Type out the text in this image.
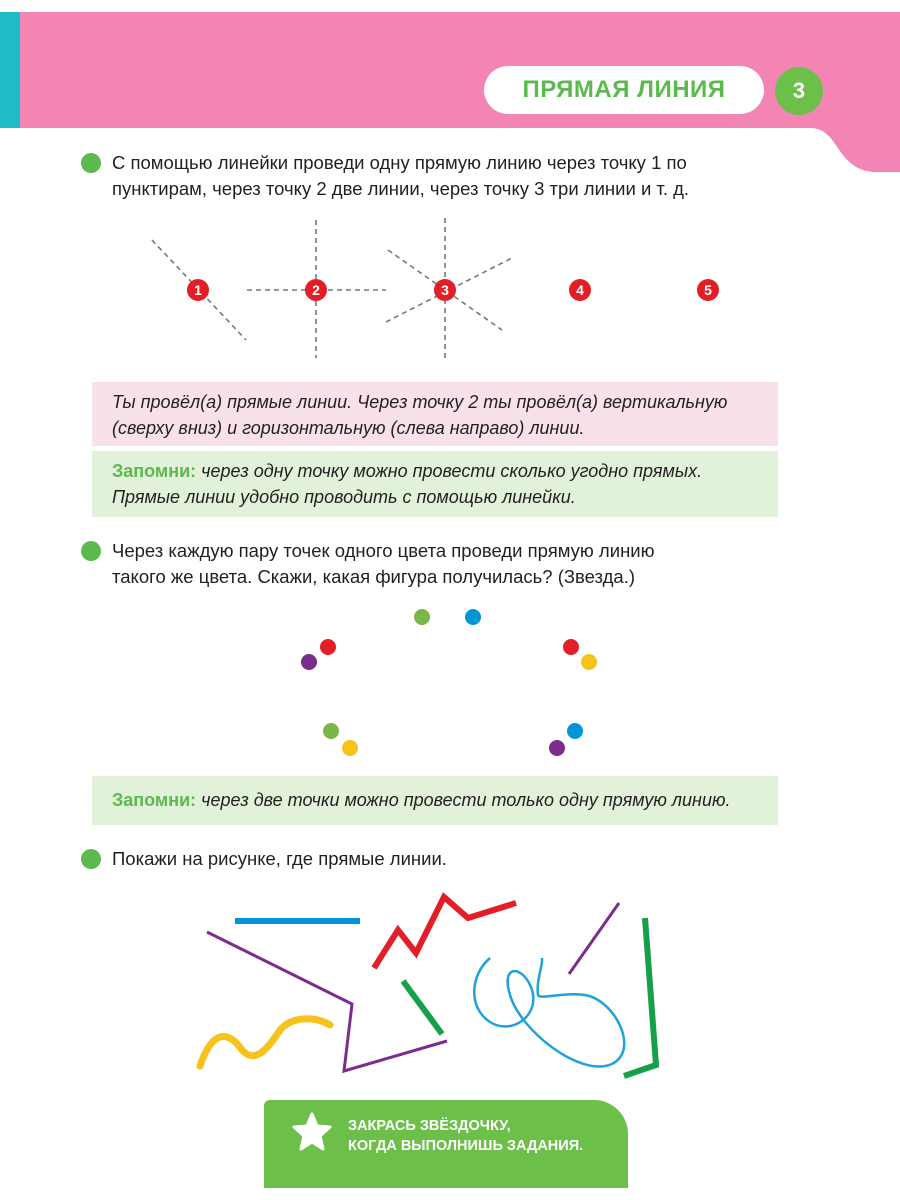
ПРЯМАЯ ЛИНИЯ	3

С помощью линейки проведи одну прямую линию через точку 1 по

пунктирам, через точку 2 две линии, через точку 3 три линии и т. д.

1	2	3	4	5

Ты провёл(а) прямые линии. Через точку 2 ты провёл(а) вертикальную

(сверху вниз) и горизонтальную (слева направо) линии.

Запомни: через одну точку можно провести сколько угодно прямых.

Прямые линии удобно проводить с помощью линейки.

Через каждую пару точек одного цвета проведи прямую линию

такого же цвета. Скажи, какая фигура получилась? (Звезда.)

Запомни: через две точки можно провести только одну прямую линию.

Покажи на рисунке, где прямые линии.

ЗАКРАСЬ ЗВЁЗДОЧКУ,

КОГДА ВЫПОЛНИШЬ ЗАДАНИЯ.
